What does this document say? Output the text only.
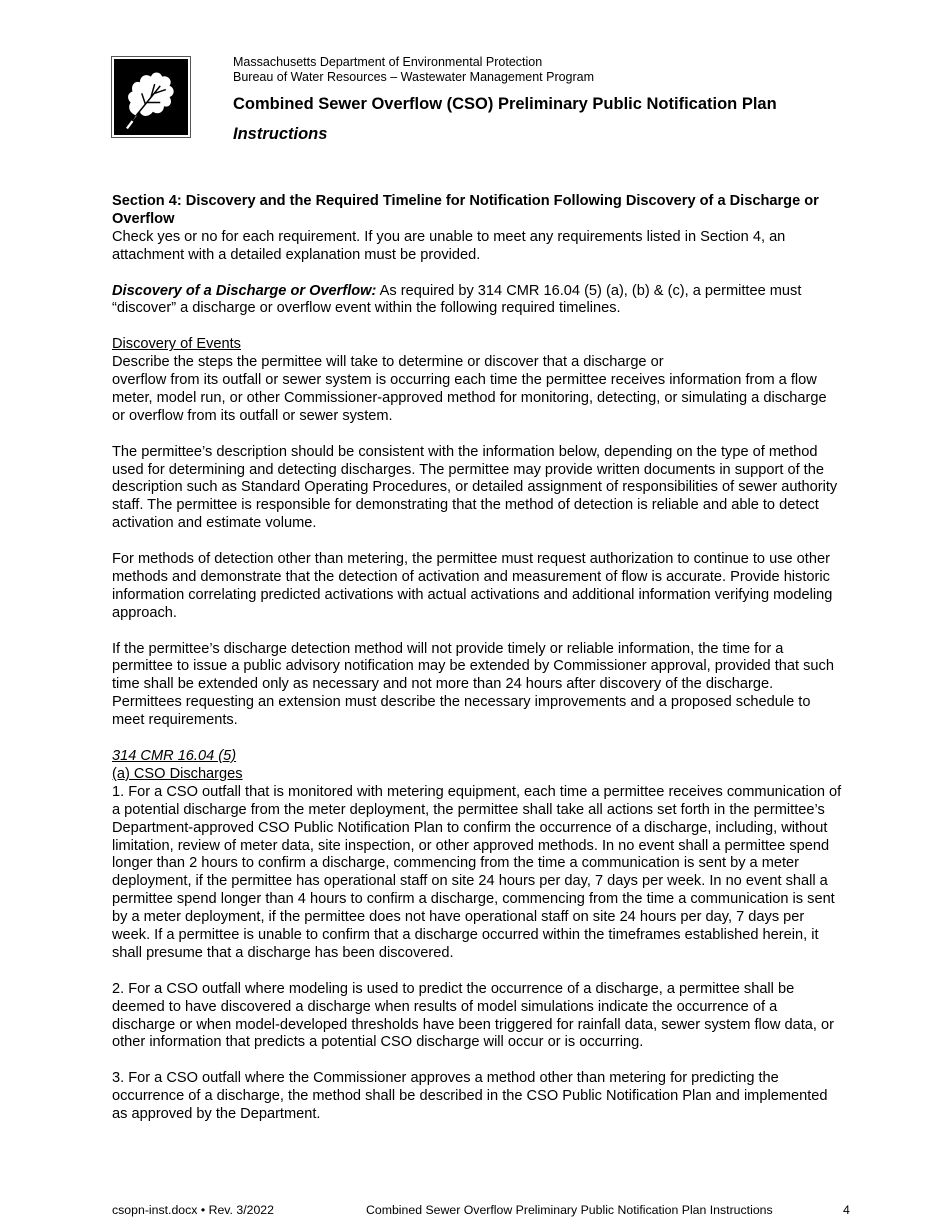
Massachusetts Department of Environmental Protection
Bureau of Water Resources – Wastewater Management Program
Combined Sewer Overflow (CSO) Preliminary Public Notification Plan
Instructions

Section 4: Discovery and the Required Timeline for Notification Following Discovery of a Discharge or Overflow

Check yes or no for each requirement. If you are unable to meet any requirements listed in Section 4, an attachment with a detailed explanation must be provided.

Discovery of a Discharge or Overflow: As required by 314 CMR 16.04 (5) (a), (b) & (c), a permittee must “discover” a discharge or overflow event within the following required timelines.

Discovery of Events

Describe the steps the permittee will take to determine or discover that a discharge or
overflow from its outfall or sewer system is occurring each time the permittee receives information from a flow meter, model run, or other Commissioner-approved method for monitoring, detecting, or simulating a discharge or overflow from its outfall or sewer system.

The permittee’s description should be consistent with the information below, depending on the type of method used for determining and detecting discharges. The permittee may provide written documents in support of the description such as Standard Operating Procedures, or detailed assignment of responsibilities of sewer authority staff. The permittee is responsible for demonstrating that the method of detection is reliable and able to detect activation and estimate volume.

For methods of detection other than metering, the permittee must request authorization to continue to use other methods and demonstrate that the detection of activation and measurement of flow is accurate. Provide historic information correlating predicted activations with actual activations and additional information verifying modeling approach.

If the permittee’s discharge detection method will not provide timely or reliable information, the time for a permittee to issue a public advisory notification may be extended by Commissioner approval, provided that such time shall be extended only as necessary and not more than 24 hours after discovery of the discharge. Permittees requesting an extension must describe the necessary improvements and a proposed schedule to meet requirements.

314 CMR 16.04 (5)

(a) CSO Discharges

1. For a CSO outfall that is monitored with metering equipment, each time a permittee receives communication of a potential discharge from the meter deployment, the permittee shall take all actions set forth in the permittee’s Department-approved CSO Public Notification Plan to confirm the occurrence of a discharge, including, without limitation, review of meter data, site inspection, or other approved methods. In no event shall a permittee spend longer than 2 hours to confirm a discharge, commencing from the time a communication is sent by a meter deployment, if the permittee has operational staff on site 24 hours per day, 7 days per week. In no event shall a permittee spend longer than 4 hours to confirm a discharge, commencing from the time a communication is sent by a meter deployment, if the permittee does not have operational staff on site 24 hours per day, 7 days per week. If a permittee is unable to confirm that a discharge occurred within the timeframes established herein, it shall presume that a discharge has been discovered.

2. For a CSO outfall where modeling is used to predict the occurrence of a discharge, a permittee shall be deemed to have discovered a discharge when results of model simulations indicate the occurrence of a discharge or when model-developed thresholds have been triggered for rainfall data, sewer system flow data, or other information that predicts a potential CSO discharge will occur or is occurring.

3. For a CSO outfall where the Commissioner approves a method other than metering for predicting the occurrence of a discharge, the method shall be described in the CSO Public Notification Plan and implemented as approved by the Department.

csopn-inst.docx • Rev. 3/2022	Combined Sewer Overflow Preliminary Public Notification Plan Instructions	4
